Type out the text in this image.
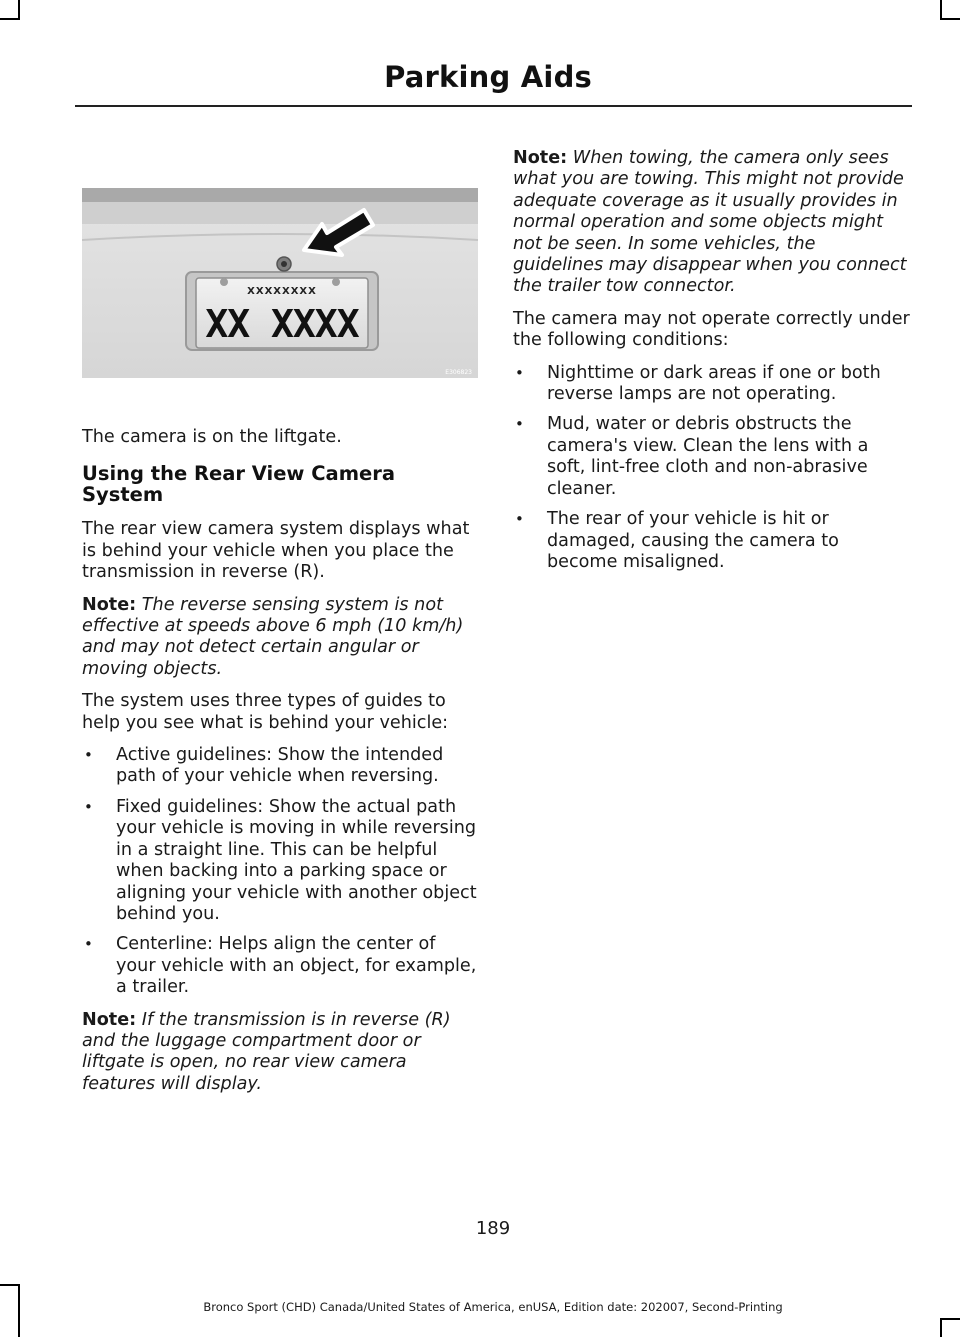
Parking Aids
XXXXXXXX
XX XXXX
E306823

The camera is on the liftgate.

Using the Rear View Camera System

The rear view camera system displays what is behind your vehicle when you place the transmission in reverse (R).

Note: The reverse sensing system is not effective at speeds above 6 mph (10 km/h) and may not detect certain angular or moving objects.

The system uses three types of guides to help you see what is behind your vehicle:

• Active guidelines: Show the intended path of your vehicle when reversing.
• Fixed guidelines: Show the actual path your vehicle is moving in while reversing in a straight line. This can be helpful when backing into a parking space or aligning your vehicle with another object behind you.
• Centerline: Helps align the center of your vehicle with an object, for example, a trailer.

Note: If the transmission is in reverse (R) and the luggage compartment door or liftgate is open, no rear view camera features will display.

Note: When towing, the camera only sees what you are towing. This might not provide adequate coverage as it usually provides in normal operation and some objects might not be seen. In some vehicles, the guidelines may disappear when you connect the trailer tow connector.

The camera may not operate correctly under the following conditions:

• Nighttime or dark areas if one or both reverse lamps are not operating.
• Mud, water or debris obstructs the camera's view. Clean the lens with a soft, lint-free cloth and non-abrasive cleaner.
• The rear of your vehicle is hit or damaged, causing the camera to become misaligned.
189
Bronco Sport (CHD) Canada/United States of America, enUSA, Edition date: 202007, Second-Printing
